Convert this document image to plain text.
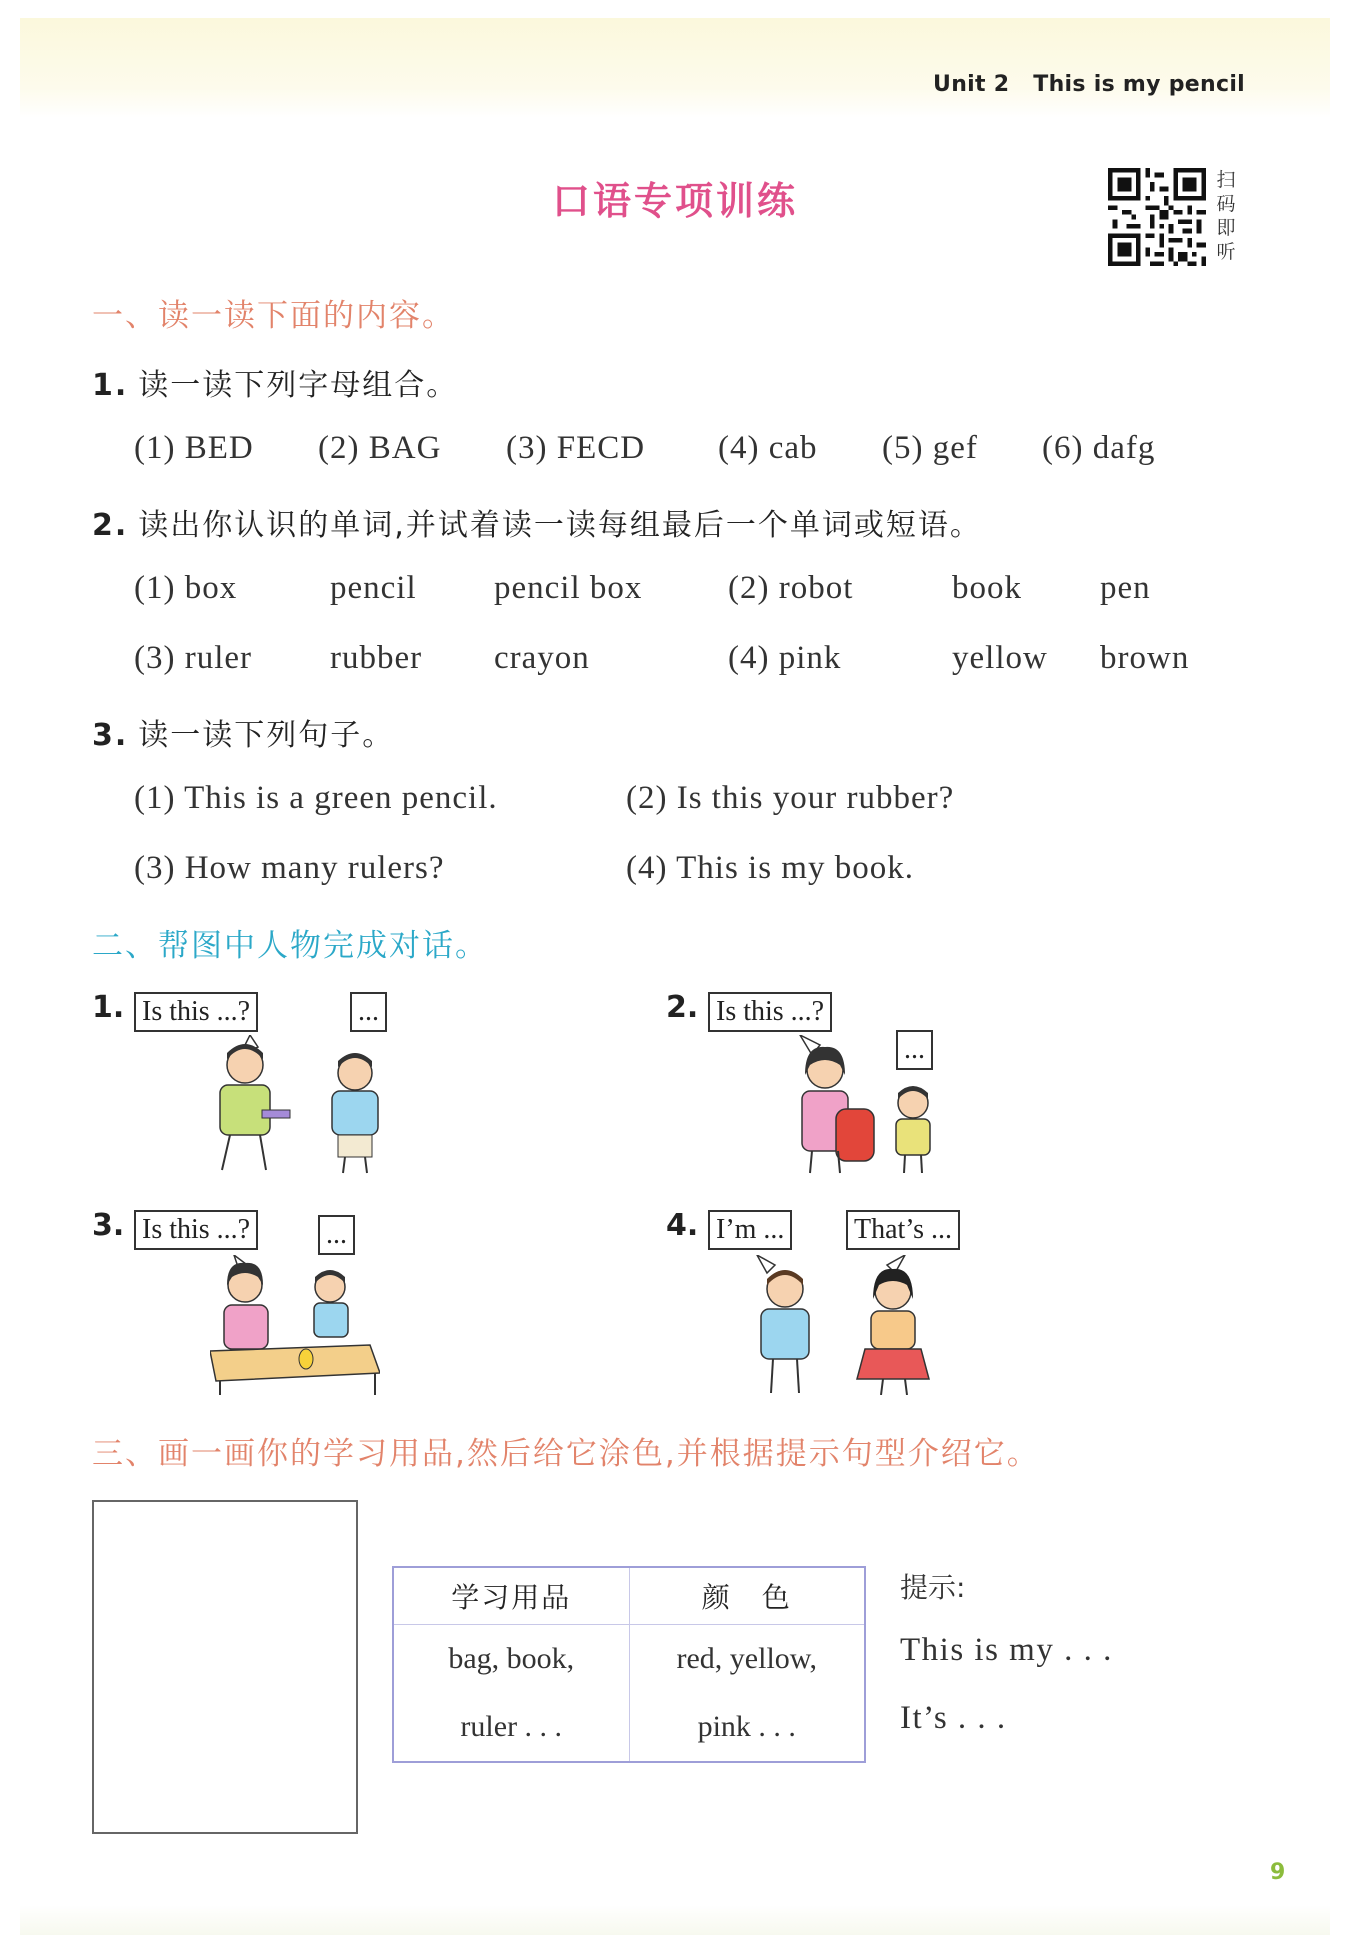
Unit 2   This is my pencil
口语专项训练	扫
码
即
听
一、读一读下面的内容。
1. 读一读下列字母组合。
(1) BED (2) BAG (3) FECD (4) cab (5) gef (6) dafg
2. 读出你认识的单词,并试着读一读每组最后一个单词或短语。
(1) box	pencil pencil box	(2) robot	book pen
(3) ruler rubber crayon	(4) pink	yellow brown
3. 读一读下列句子。
(1) This is a green pencil.	(2) Is this your rubber?
(3) How many rulers?	(4) This is my book.
二、帮图中人物完成对话。
1. Is this ...?	...	2. Is this ...?
...
3. Is this ...?	...	4. I’m ... That’s ...
三、画一画你的学习用品,然后给它涂色,并根据提示句型介绍它。
学习用品	颜　色
bag, book,	red, yellow,
ruler . . .	pink . . .
提示:
This is my . . .
It’s . . .
9
